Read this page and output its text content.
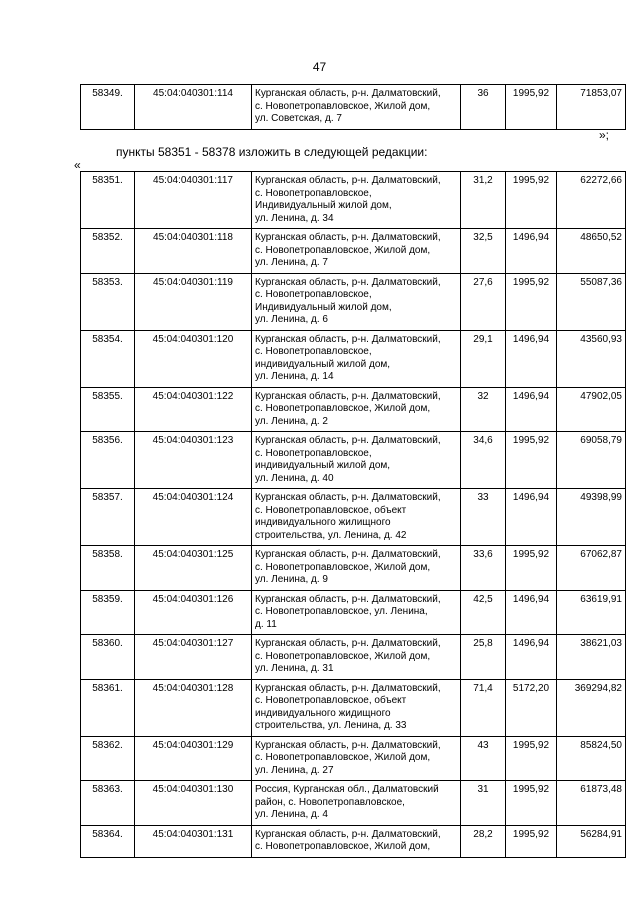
47
58349.	45:04:040301:114	Курганская область, р-н. Далматовский,
с. Новопетропавловское, Жилой дом,
ул. Советская, д. 7	36	1995,92	71853,07
»;
пункты 58351 - 58378 изложить в следующей редакции:
«
58351.	45:04:040301:117	Курганская область, р-н. Далматовский,
с. Новопетропавловское,
Индивидуальный жилой дом,
ул. Ленина, д. 34	31,2	1995,92	62272,66
58352.	45:04:040301:118	Курганская область, р-н. Далматовский,
с. Новопетропавловское, Жилой дом,
ул. Ленина, д. 7	32,5	1496,94	48650,52
58353.	45:04:040301:119	Курганская область, р-н. Далматовский,
с. Новопетропавловское,
Индивидуальный жилой дом,
ул. Ленина, д. 6	27,6	1995,92	55087,36
58354.	45:04:040301:120	Курганская область, р-н. Далматовский,
с. Новопетропавловское,
индивидуальный жилой дом,
ул. Ленина, д. 14	29,1	1496,94	43560,93
58355.	45:04:040301:122	Курганская область, р-н. Далматовский,
с. Новопетропавловское, Жилой дом,
ул. Ленина, д. 2	32	1496,94	47902,05
58356.	45:04:040301:123	Курганская область, р-н. Далматовский,
с. Новопетропавловское,
индивидуальный жилой дом,
ул. Ленина, д. 40	34,6	1995,92	69058,79
58357.	45:04:040301:124	Курганская область, р-н. Далматовский,
с. Новопетропавловское, объект
индивидуального жилищного
строительства, ул. Ленина, д. 42	33	1496,94	49398,99
58358.	45:04:040301:125	Курганская область, р-н. Далматовский,
с. Новопетропавловское, Жилой дом,
ул. Ленина, д. 9	33,6	1995,92	67062,87
58359.	45:04:040301:126	Курганская область, р-н. Далматовский,
с. Новопетропавловское, ул. Ленина,
д. 11	42,5	1496,94	63619,91
58360.	45:04:040301:127	Курганская область, р-н. Далматовский,
с. Новопетропавловское, Жилой дом,
ул. Ленина, д. 31	25,8	1496,94	38621,03
58361.	45:04:040301:128	Курганская область, р-н. Далматовский,
с. Новопетропавловское, объект
индивидуального жидищного
строительства, ул. Ленина, д. 33	71,4	5172,20	369294,82
58362.	45:04:040301:129	Курганская область, р-н. Далматовский,
с. Новопетропавловское, Жилой дом,
ул. Ленина, д. 27	43	1995,92	85824,50
58363.	45:04:040301:130	Россия, Курганская обл., Далматовский
район, с. Новопетропавловское,
ул. Ленина, д. 4	31	1995,92	61873,48
58364.	45:04:040301:131	Курганская область, р-н. Далматовский,
с. Новопетропавловское, Жилой дом,	28,2	1995,92	56284,91
